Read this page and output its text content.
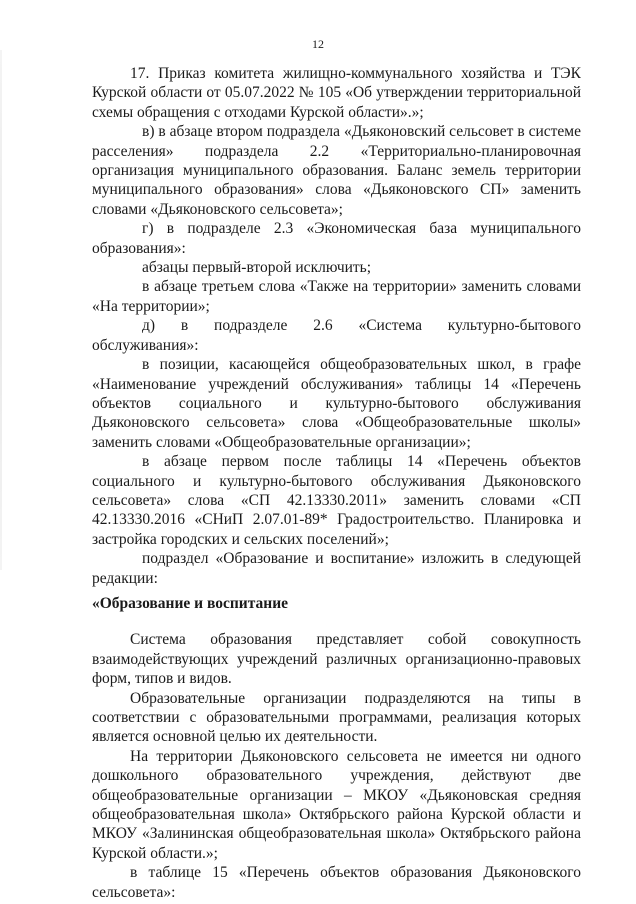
12

17. Приказ комитета жилищно-коммунального хозяйства и ТЭК Курской области от 05.07.2022 № 105 «Об утверждении территориальной схемы обращения с отходами Курской области».»;

в) в абзаце втором подраздела «Дьяконовский сельсовет в системе расселения» подраздела 2.2 «Территориально-планировочная организация муниципального образования. Баланс земель территории муниципального образования» слова «Дьяконовского СП» заменить словами «Дьяконовского сельсовета»;

г) в подразделе 2.3 «Экономическая база муниципального образования»:

абзацы первый-второй исключить;

в абзаце третьем слова «Также на территории» заменить словами «На территории»;

д) в подразделе 2.6 «Система культурно-бытового обслуживания»:

в позиции, касающейся общеобразовательных школ, в графе «Наименование учреждений обслуживания» таблицы 14 «Перечень объектов социального и культурно-бытового обслуживания Дьяконовского сельсовета» слова «Общеобразовательные школы» заменить словами «Общеобразовательные организации»;

в абзаце первом после таблицы 14 «Перечень объектов социального и культурно-бытового обслуживания Дьяконовского сельсовета» слова «СП 42.13330.2011» заменить словами «СП 42.13330.2016 «СНиП 2.07.01-89* Градостроительство. Планировка и застройка городских и сельских поселений»;

подраздел «Образование и воспитание» изложить в следующей редакции:

«Образование и воспитание

Система образования представляет собой совокупность взаимодействующих учреждений различных организационно-правовых форм, типов и видов.

Образовательные организации подразделяются на типы в соответствии с образовательными программами, реализация которых является основной целью их деятельности.

На территории Дьяконовского сельсовета не имеется ни одного дошкольного образовательного учреждения, действуют две общеобразовательные организации – МКОУ «Дьяконовская средняя общеобразовательная школа» Октябрьского района Курской области и МКОУ «Залининская общеобразовательная школа» Октябрьского района Курской области.»;

в таблице 15 «Перечень объектов образования Дьяконовского сельсовета»:
